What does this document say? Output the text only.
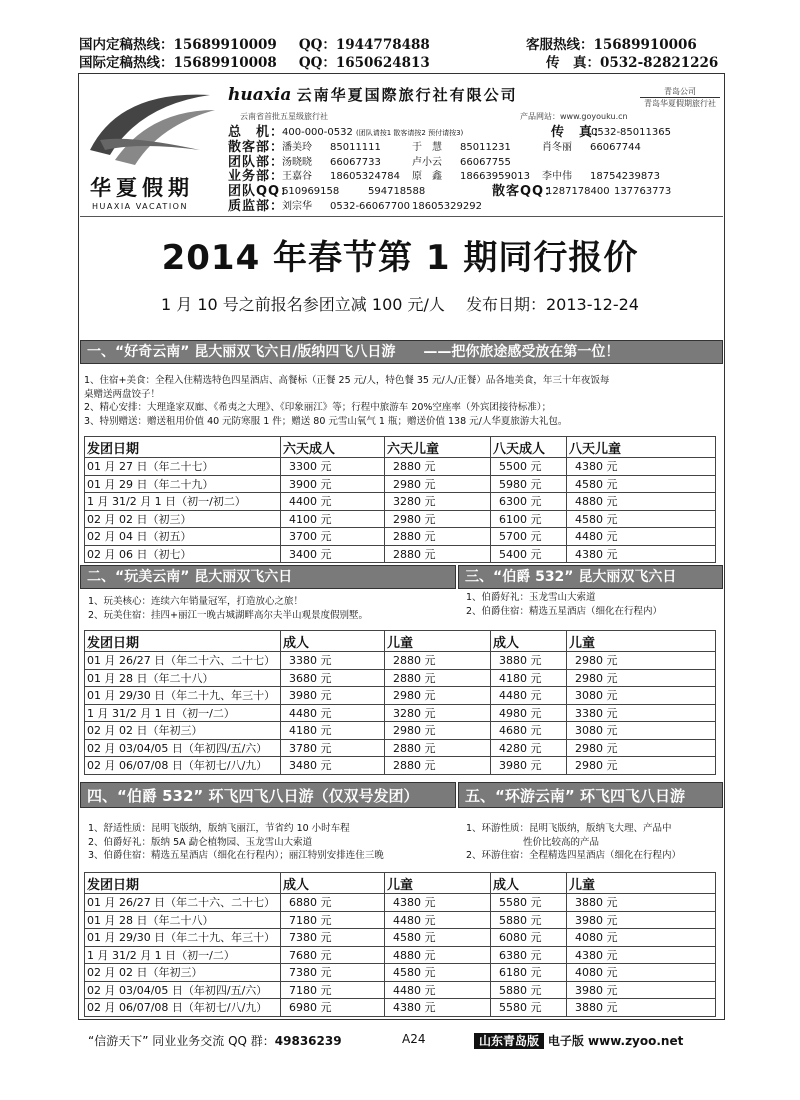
国内定稿热线：15689910009 QQ：1944778488	客服热线：15689910006
国际定稿热线：15689910008 QQ：1650624813	传　真：0532-82821226
华夏假期
HUAXIA VACATION
huaxia 云南华夏国際旅行社有限公司	青岛公司
青岛华夏假期旅行社
云南省首批五星级旅行社	产品网站：www.goyouku.cn
总　机：
400-000-0532 (团队请按1 散客请按2 预付请按3)	传　真：
0532-85011365
散客部：
潘美玲	85011111	于　慧	85011231	肖冬丽	66067744
团队部：
汤晓晓	66067733	卢小云	66067755
业务部：
王嘉谷	18605324784	原　鑫	18663959013	李中伟	18754239873
团队QQ：
610969158	594718588	散客QQ：
1287178400 137763773
质监部：
刘宗华	0532-66067700 18605329292
2014 年春节第 1 期同行报价
1 月 10 号之前报名参团立减 100 元/人　 发布日期：2013-12-24
一、“好奇云南” 昆大丽双飞六日/版纳四飞八日游　　——把你旅途感受放在第一位！
1、住宿+美食：全程入住精选特色四星酒店、高餐标（正餐 25 元/人，特色餐 35 元/人/正餐）品各地美食，年三十年夜饭每
桌赠送两盘饺子！
2、精心安排：大理逢家双廊、《希夷之大理》、《印象丽江》等；行程中旅游车 20%空座率（外宾团接待标准）；
3、特别赠送：赠送租用价值 40 元防寒服 1 件；赠送 80 元雪山氧气 1 瓶；赠送价值 138 元/人华夏旅游大礼包。
发团日期	六天成人	六天儿童	八天成人	八天儿童
01 月 27 日（年二十七）	3300 元	2880 元	5500 元	4380 元
01 月 29 日（年二十九）	3900 元	2980 元	5980 元	4580 元
1 月 31/2 月 1 日（初一/初二）	4400 元	3280 元	6300 元	4880 元
02 月 02 日（初三）	4100 元	2980 元	6100 元	4580 元
02 月 04 日（初五）	3700 元	2880 元	5700 元	4480 元
02 月 06 日（初七）	3400 元	2880 元	5400 元	4380 元
二、“玩美云南” 昆大丽双飞六日	三、“伯爵 532” 昆大丽双飞六日
1、玩美核心：连续六年销量冠军，打造放心之旅！
2、玩美住宿：挂四+丽江一晚古城湖畔高尔夫半山观景度假别墅。
1、伯爵好礼：玉龙雪山大索道
2、伯爵住宿：精选五星酒店（细化在行程内）
发团日期	成人	儿童	成人	儿童
01 月 26/27 日（年二十六、二十七）	3380 元	2880 元	3880 元	2980 元
01 月 28 日（年二十八）	3680 元	2880 元	4180 元	2980 元
01 月 29/30 日（年二十九、年三十）	3980 元	2980 元	4480 元	3080 元
1 月 31/2 月 1 日（初一/二）	4480 元	3280 元	4980 元	3380 元
02 月 02 日（年初三）	4180 元	2980 元	4680 元	3080 元
02 月 03/04/05 日（年初四/五/六）	3780 元	2880 元	4280 元	2980 元
02 月 06/07/08 日（年初七/八/九）	3480 元	2880 元	3980 元	2980 元
四、“伯爵 532” 环飞四飞八日游（仅双号发团）	五、“环游云南” 环飞四飞八日游
1、舒适性质：昆明飞版纳，版纳飞丽江，节省约 10 小时车程
2、伯爵好礼：版纳 5A 勐仑植物园、玉龙雪山大索道
3、伯爵住宿：精选五星酒店（细化在行程内）；丽江特别安排连住三晚
1、环游性质：昆明飞版纳，版纳飞大理、产品中
　　　　　　性价比较高的产品
2、环游住宿：全程精选四星酒店（细化在行程内）
发团日期	成人	儿童	成人	儿童
01 月 26/27 日（年二十六、二十七）	6880 元	4380 元	5580 元	3880 元
01 月 28 日（年二十八）	7180 元	4480 元	5880 元	3980 元
01 月 29/30 日（年二十九、年三十）	7380 元	4580 元	6080 元	4080 元
1 月 31/2 月 1 日（初一/二）	7680 元	4880 元	6380 元	4380 元
02 月 02 日（年初三）	7380 元	4580 元	6180 元	4080 元
02 月 03/04/05 日（年初四/五/六）	7180 元	4480 元	5880 元	3980 元
02 月 06/07/08 日（年初七/八/九）	6980 元	4380 元	5580 元	3880 元
“信游天下” 同业业务交流 QQ 群：49836239	A24	山东青岛版 电子版 www.zyoo.net
